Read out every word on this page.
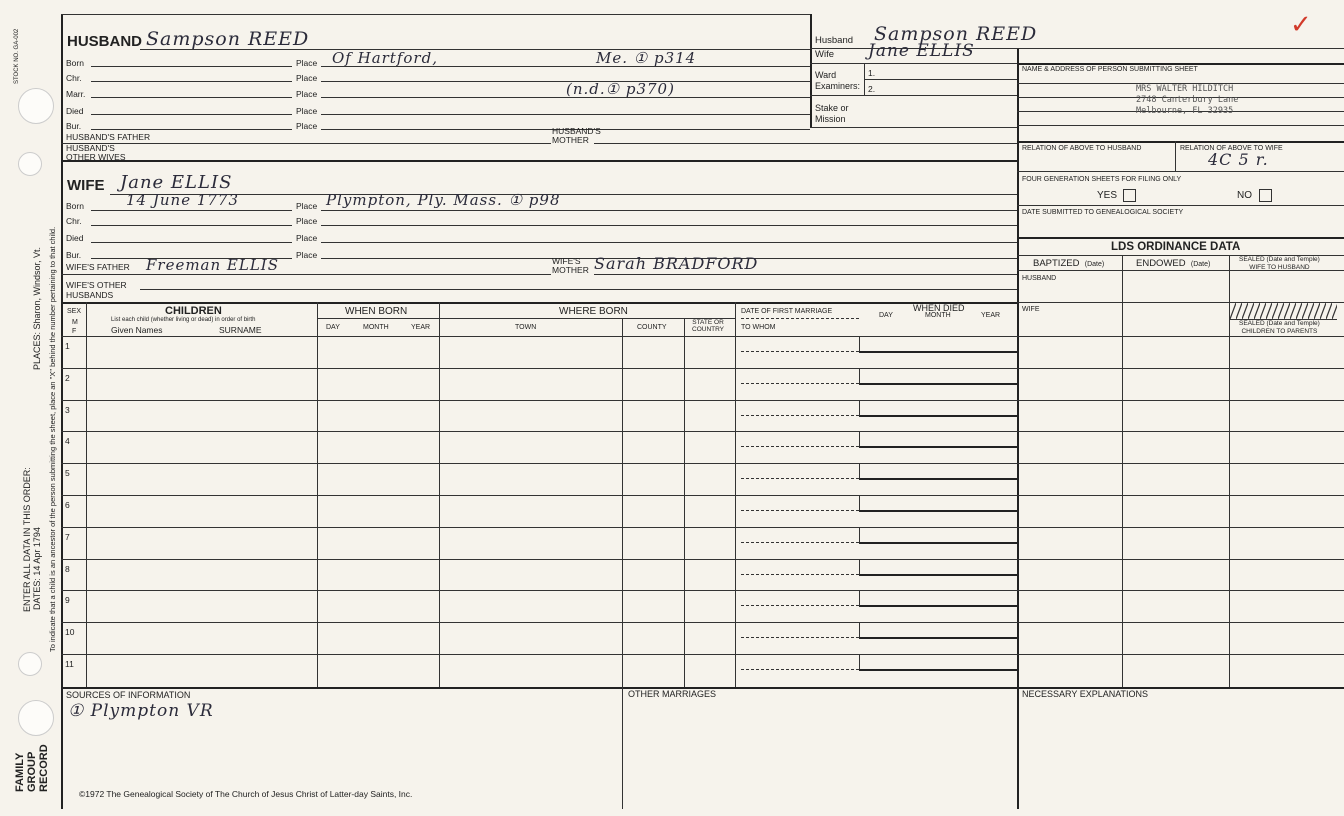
STOCK NO. GA-002
PLACES: Sharon, Windsor, Vt. To indicate that a child is an ancestor of the person submitting the sheet, place an "X" behind the number pertaining to that child.
ENTER ALL DATA IN THIS ORDER: DATES: 14 Apr 1794
FAMILY GROUP RECORD
HUSBAND Sampson REED
Born	Place Of Hartford,	Me. ① p314
Chr.	Place
Marr.	Place	(n.d.① p370)
Died	Place
Bur.	Place
HUSBAND'S FATHER
HUSBAND'S
MOTHER
HUSBAND'S
OTHER WIVES
WIFE Jane ELLIS
Born	14 June 1773	Place Plympton, Ply. Mass. ① p98
Chr.	Place
Died	Place
Bur.	Place
WIFE'S FATHER Freeman ELLIS	WIFE'S
MOTHER Sarah BRADFORD
WIFE'S OTHER
HUSBANDS
Husband Sampson REED
Wife Jane ELLIS
✓
Ward
Examiners:
1.
2.
Stake or
Mission
NAME & ADDRESS OF PERSON SUBMITTING SHEET
MRS WALTER HILDITCH
2748 Canterbury Lane
Melbourne, FL 32935
RELATION OF ABOVE TO HUSBAND	RELATION OF ABOVE TO WIFE
4C 5 r.
FOUR GENERATION SHEETS FOR FILING ONLY
YES	NO
DATE SUBMITTED TO GENEALOGICAL SOCIETY
LDS ORDINANCE DATA
BAPTIZED (Date)	ENDOWED (Date)
SEALED (Date and Temple)
WIFE TO HUSBAND
HUSBAND
WIFE
SEALED (Date and Temple)
CHILDREN TO PARENTS
SEX
M
F
CHILDREN
List each child (whether living or dead) in order of birth
Given Names	SURNAME
WHEN BORN
DAY	MONTH	YEAR
WHERE BORN
TOWN	COUNTY
STATE OR
COUNTRY
DATE OF FIRST MARRIAGE
TO WHOM
WHEN DIED
DAY	MONTH	YEAR
1
2
3
4
5
6
7
8
9
10
11
SOURCES OF INFORMATION
① Plympton VR
OTHER MARRIAGES	NECESSARY EXPLANATIONS
©1972 The Genealogical Society of The Church of Jesus Christ of Latter-day Saints, Inc.
